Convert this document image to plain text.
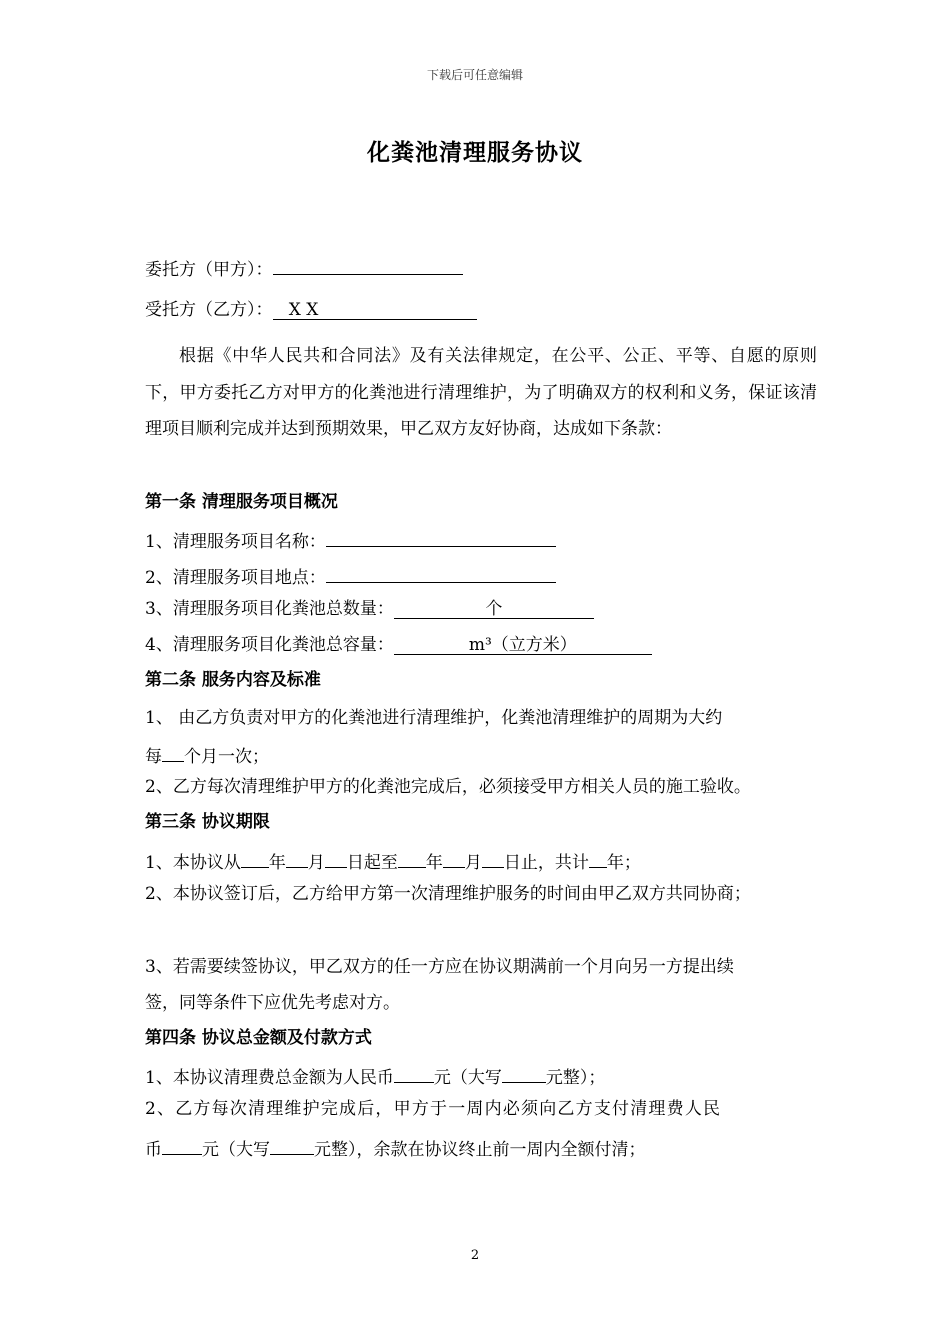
下载后可任意编辑
化粪池清理服务协议
委托方（甲方）：
受托方（乙方）： X X
根据《中华人民共和合同法》及有关法律规定，在公平、公正、平等、自愿的原则下，甲方委托乙方对甲方的化粪池进行清理维护，为了明确双方的权利和义务，保证该清理项目顺利完成并达到预期效果，甲乙双方友好协商，达成如下条款：
第一条 清理服务项目概况
1、清理服务项目名称：
2、清理服务项目地点：
3、清理服务项目化粪池总数量：	个
4、清理服务项目化粪池总容量：	m³（立方米）
第二条 服务内容及标准
1、 由乙方负责对甲方的化粪池进行清理维护，化粪池清理维护的周期为大约
每 个月一次；
2、乙方每次清理维护甲方的化粪池完成后，必须接受甲方相关人员的施工验收。
第三条 协议期限
1、本协议从 年 月 日起至 年 月 日止，共计 年；
2、本协议签订后，乙方给甲方第一次清理维护服务的时间由甲乙双方共同协商；
3、若需要续签协议，甲乙双方的任一方应在协议期满前一个月向另一方提出续
签，同等条件下应优先考虑对方。
第四条 协议总金额及付款方式
1、本协议清理费总金额为人民币 元（大写	元整）；
2、乙方每次清理维护完成后，甲方于一周内必须向乙方支付清理费人民
币 元（大写	元整），余款在协议终止前一周内全额付清；
2
